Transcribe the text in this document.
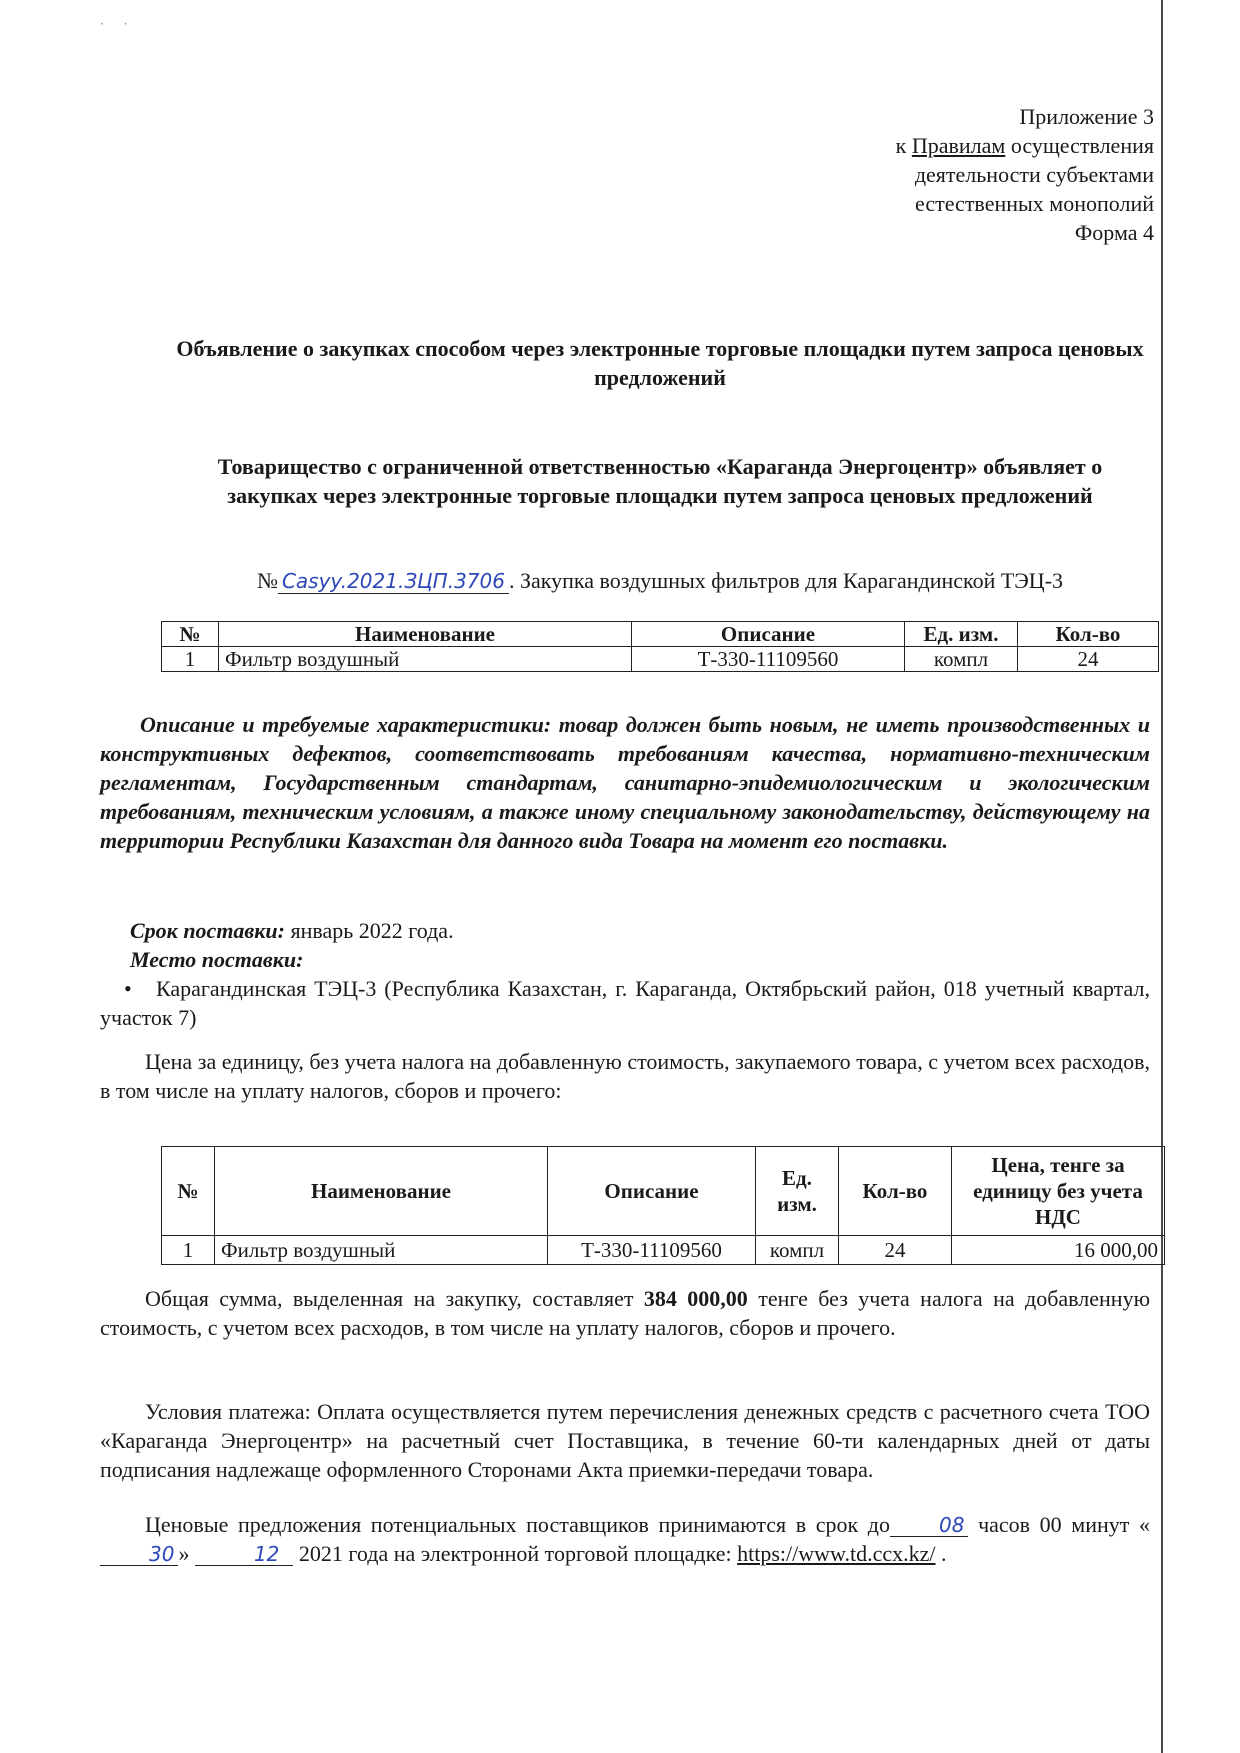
· ·
Приложение 3
к Правилам осуществления
деятельности субъектами
естественных монополий
Форма 4
Объявление о закупках способом через электронные торговые площадки путем запроса ценовых предложений
Товарищество с ограниченной ответственностью «Караганда Энергоцентр» объявляет о закупках через электронные торговые площадки путем запроса ценовых предложений
№ Casyy.2021.ЗЦП.3706 . Закупка воздушных фильтров для Карагандинской ТЭЦ-3
№	Наименование	Описание	Ед. изм.	Кол-во
1	Фильтр воздушный	Т-330-11109560	компл	24

Описание и требуемые характеристики: товар должен быть новым, не иметь производственных и конструктивных дефектов, соответствовать требованиям качества, нормативно-техническим регламентам, Государственным стандартам, санитарно-эпидемиологическим и экологическим требованиям, техническим условиям, а также иному специальному законодательству, действующему на территории Республики Казахстан для данного вида Товара на момент его поставки.

Срок поставки: январь 2022 года.
Место поставки:
• Карагандинская ТЭЦ-3 (Республика Казахстан, г. Караганда, Октябрьский район, 018 учетный квартал, участок 7)

Цена за единицу, без учета налога на добавленную стоимость, закупаемого товара, с учетом всех расходов, в том числе на уплату налогов, сборов и прочего:

№	Наименование	Описание	Ед. изм.	Кол-во	Цена, тенге за единицу без учета НДС
1	Фильтр воздушный	Т-330-11109560	компл	24	16 000,00

Общая сумма, выделенная на закупку, составляет 384 000,00 тенге без учета налога на добавленную стоимость, с учетом всех расходов, в том числе на уплату налогов, сборов и прочего.

Условия платежа: Оплата осуществляется путем перечисления денежных средств с расчетного счета ТОО «Караганда Энергоцентр» на расчетный счет Поставщика, в течение 60-ти календарных дней от даты подписания надлежаще оформленного Сторонами Акта приемки-передачи товара.

Ценовые предложения потенциальных поставщиков принимаются в срок до 08 часов 00 минут «30 »	12 2021 года на электронной торговой площадке: https://www.td.ccx.kz/ .
